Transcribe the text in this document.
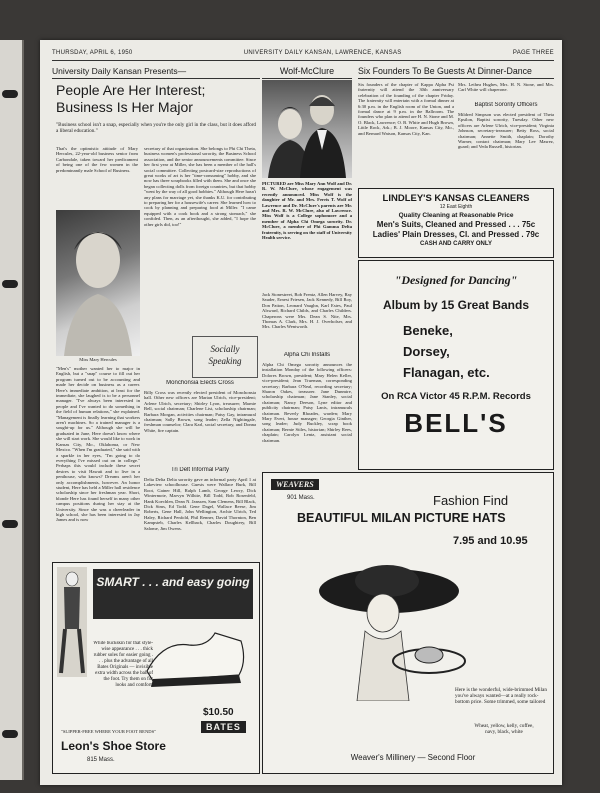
THURSDAY, APRIL 6, 1950	UNIVERSITY DAILY KANSAN, LAWRENCE, KANSAS	PAGE THREE
University Daily Kansan Presents—
People Are Her Interest;
Business Is Her Major
"Business school isn't a snap, especially when you're the only girl in the class, but it does afford a liberal education."
That's the optimistic attitude of Mary Hercules, 22-year-old business senior from Carbondale, taken toward her predicament of being one of the few women in the predominantly male School of Business.
Miss Mary Hercules
"Men's" mother wanted her to major in English, but a "snap" course to fill out her program turned out to be accounting and made her decide on business as a career. Here's immediate ambition, at least for the immediate, she laughed is to be a personnel manager. "I've always been interested in people and I've wanted to do something in the field of human relations," she explained. "Management is finally learning that workers aren't machines. So a trained manager is a sought-up for us." Although she will be graduated in June, Here doesn't know where she will start work. She would like to work in Kansas City, Mo., Oklahoma, or New Mexico. "When I'm graduated," she said with a sparkle in her eyes, "I'm going to do everything I've missed out on in college." Perhaps this would include these secret desires to visit Hawaii and to live in a penthouse, who knows? Dreams aren't her only accomplishments, however. An honor student, Here has held a Miller hall residence scholarship since her freshman year. Short, blonde Here has found herself in many other campus positions during her stay at the University. Since she was a cheerleader in high school, she has been interested in Jay James and is now
secretary of that organization. She belongs to Phi Chi Theta, business women's professional sorority, the Business School association, and the senior announcements committee. Since her first year at Miller, she has been a member of the hall's social committee. Collecting postcard-size reproductions of great works of art is her "time-consuming" hobby, and she now has three scrapbooks filled with them. She and once she began collecting dolls from foreign countries, but that hobby "went by the way of all good hobbies." Although Here hasn't any plans for marriage yet, she thanks K.U. for contributing to preparing her for a housewife's career. She learned how to cook by planning and preparing food at Miller. "I came equipped with a cook book and a strong stomach," she confided. Then, as an afterthought, she added, "I hope the other girls did, too!"
Socially
Speaking
Monchonsia Elects Cross
Billy Cross was recently elected president of Monchonsia hall. Other new officers are Marian Ulrich, vice-president; Arlene Ulrich, secretary; Shirley Lyon, treasurer; Marnie Bell, social chairman; Charlene List, scholarship chairman; Barbara Morgan, activities chairman; Patsy Gay, intramural chairman; Sally Brown, song leader; Zella Nightingale, freshman counselor; Clara Karl, social secretary, and Donna White, fire captain.
Tri Delt Informal Party
Delta Delta Delta sorority gave an informal party April 1 at Lakeview schoolhouse. Guests were Wallace Burk, Bill Root, Gainer Hill, Ralph Lamb, George Lewry, Dick Wintermote, Marvyn Wilhite, Bill Todd, Bob Rosenfeld, Hank Koechlen, Dean N. Janssen, Sam Clemens, Bill Black, Dick Sims, Ed Todd. Gene Dagel, Wallace Reese, Jim Roberts, Gene Hall, John Wellington, Archie Ulrich, Ted Haley, Richard Penfold, Phil Renner, David Thornton, Ben Kampsteb, Charles Kellback, Charles Doughtery, Bill Salome, Jim Owens.
Wolf-McClure
PICTURED are Miss Mary Ann Wolf and Dr. R. W. McClure, whose engagement was recently announced. Miss Wolf is the daughter of Mr. and Mrs. Ferris T. Wolf of Lawrence and Dr. McClure's parents are Mr. and Mrs. R. W. McClure, also of Lawrence. Miss Wolf is a College sophomore and a member of Alpha Chi Omega sorority. Dr. McClure, a member of Phi Gamma Delta fraternity, is serving on the staff of University Health service.
Jack Stonestreet, Bob Frentz, Allen Harvey, Ray Sauder, Ernest Friesen, Jack Kennedy, Bill Roy, Don Patton, Leonard Vaughn, Karl Estes, Paul Alsward, Richard Childs, and Charles Childers. Chaperons were Mrs. Dean S. Nite, Mrs. Thomas A. Clark, Mrs. H. J. Overholser, and Mrs. Charles Wentworth.
Alpha Chi Installs
Alpha Chi Omega sorority announces the installation Monday of the following officers: Dolores Brown, president; Mary Helen Keller, vice-president; Jean Trueman, corresponding secretary; Barbara O'Neal, recording secretary; Sharon Oakes, treasurer. Jane Dunmire, scholarship chairman; Jane Stanley, social chairman; Nancy Deeson, Lyne editor and publicity chairman; Patsy Lanis, intramurals chairman. Beverly Rhoades, warden; Mary Mary Evert, house manager; Georgia Ginther, song leader; Judy Buckley, scrap book chairman; Bernie Stiles, historian; Shirley Rees, chaplain; Carolyn Lentz, assistant social chairman.
Six Founders To Be Guests At Dinner-Dance
Six founders of the chapter of Kappa Alpha Psi fraternity will attend the 30th anniversary celebration of the founding of the chapter Friday. The fraternity will entertain with a formal dinner at 6:30 p.m. in the English room of the Union, and a formal dance at 9 p.m. in the Ballroom. The founders who plan to attend are H. N. Stone and M. O. Black, Lawrence; O. B. White and Hugh Brown, Little Rock, Ark.; B. J. Moore, Kansas City, Mo., and Bernard Watson, Kansas City, Kan.
Mrs. Lethea Hughes, Mrs. H. N. Stone, and Mrs. Carl White will chaperone.
Baptist Sorority Officers
Mildred Simpson was elected president of Theta Epsilon, Baptist sorority, Tuesday. Other new officers are Arlene Ulrich, vice-president; Virginia Johnson, secretary-treasurer; Betty Ross, social chairman; Annette Smith, chaplain; Dorothy Warner, contact chairman; Mary Lee Masrez, guard; and Veda Russell, historian.
LINDLEY'S KANSAS CLEANERS
12 East Eighth
Quality Cleaning at Reasonable Price
Men's Suits, Cleaned and Pressed . . . 75c
Ladies' Plain Dresses, Cl. and Pressed . 79c
CASH AND CARRY ONLY
"Designed for Dancing"
Album by 15 Great Bands
Beneke,
Dorsey,
Flanagan, etc.
On RCA Victor 45 R.P.M. Records
BELL'S
WEAVERS
901 Mass.	Fashion Find
BEAUTIFUL MILAN PICTURE HATS
7.95 and 10.95
Here is the wonderful, wide-brimmed Milan you've always wanted—at a really rock-bottom price. Some trimmed, some tailored
Wheat, yellow, kelly, coffee, navy, black, white
Weaver's Millinery — Second Floor
SMART . . . and easy going
White buckskin for that style-wise appearance . . . thick rubber soles for easier going . . . plus the advantage of all Bates Originals — invisible extra width across the ball of the foot. Try them on for looks and comfort.
"SLIPPER-FREE WHERE YOUR FOOT BENDS"
$10.50
BATES
Leon's Shoe Store
815 Mass.
